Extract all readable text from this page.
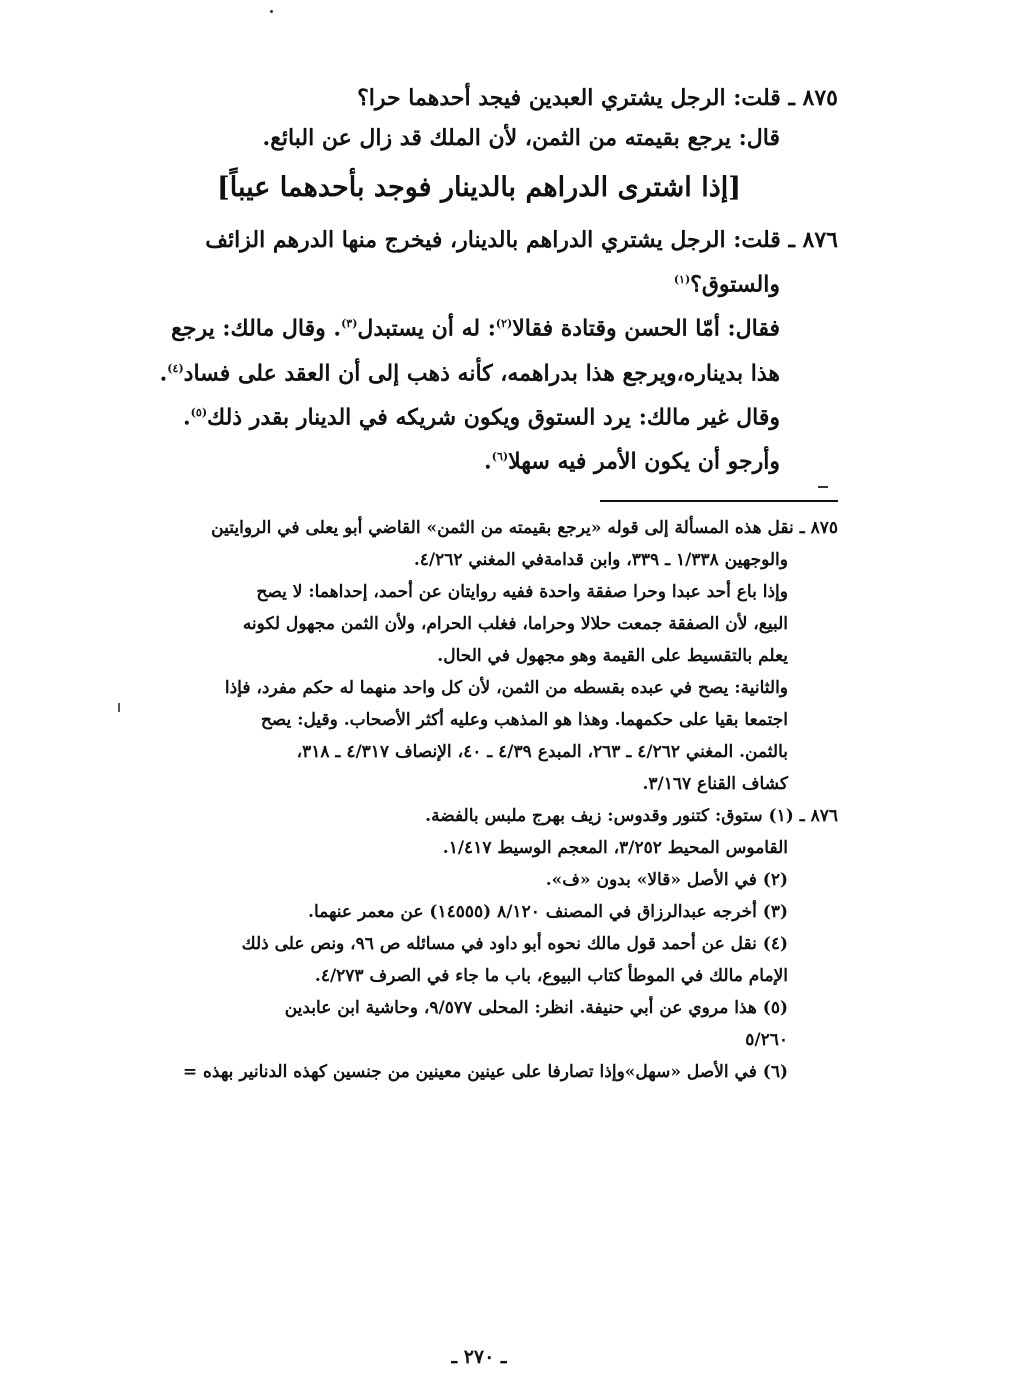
٨٧٥ ـ قلت: الرجل يشتري العبدين فيجد أحدهما حرا؟

قال: يرجع بقيمته من الثمن، لأن الملك قد زال عن البائع.

[إذا اشترى الدراهم بالدينار فوجد بأحدهما عيباً]

٨٧٦ ـ قلت: الرجل يشتري الدراهم بالدينار، فيخرج منها الدرهم الزائف

والستوق؟$^{(١)}$

فقال: أمّا الحسن وقتادة فقالا$^{(٢)}$: له أن يستبدل$^{(٣)}$. وقال مالك: يرجع

هذا بديناره،ويرجع هذا بدراهمه، كأنه ذهب إلى أن العقد على فساد$^{(٤)}$.

وقال غير مالك: يرد الستوق ويكون شريكه في الدينار بقدر ذلك$^{(٥)}$.

وأرجو أن يكون الأمر فيه سهلا$^{(٦)}$.

٨٧٥ ـ نقل هذه المسألة إلى قوله «يرجع بقيمته من الثمن» القاضي أبو يعلى في الروايتين

والوجهين ١/٣٣٨ ـ ٣٣٩، وابن قدامةفي المغني ٤/٢٦٢.

وإذا باع أحد عبدا وحرا صفقة واحدة ففيه روايتان عن أحمد، إحداهما: لا يصح

البيع، لأن الصفقة جمعت حلالا وحراما، فغلب الحرام، ولأن الثمن مجهول لكونه

يعلم بالتقسيط على القيمة وهو مجهول في الحال.

والثانية: يصح في عبده بقسطه من الثمن، لأن كل واحد منهما له حكم مفرد، فإذا

اجتمعا بقيا على حكمهما. وهذا هو المذهب وعليه أكثر الأصحاب. وقيل: يصح

بالثمن. المغني ٤/٢٦٢ ـ ٢٦٣، المبدع ٤/٣٩ ـ ٤٠، الإنصاف ٤/٣١٧ ـ ٣١٨،

كشاف القناع ٣/١٦٧.

٨٧٦ ـ (١) ستوق: كتنور وقدوس: زيف بهرج ملبس بالفضة.

القاموس المحيط ٣/٢٥٢، المعجم الوسيط ١/٤١٧.

(٢) في الأصل «قالا» بدون «ف».

(٣) أخرجه عبدالرزاق في المصنف ٨/١٢٠ (١٤٥٥٥) عن معمر عنهما.

(٤) نقل عن أحمد قول مالك نحوه أبو داود في مسائله ص ٩٦، ونص على ذلك

الإمام مالك في الموطأ كتاب البيوع، باب ما جاء في الصرف ٤/٢٧٣.

(٥) هذا مروي عن أبي حنيفة. انظر: المحلى ٩/٥٧٧، وحاشية ابن عابدين

٥/٢٦٠

(٦) في الأصل «سهل»وإذا تصارفا على عينين معينين من جنسين كهذه الدنانير بهذه =

ـ ٢٧٠ ـ
